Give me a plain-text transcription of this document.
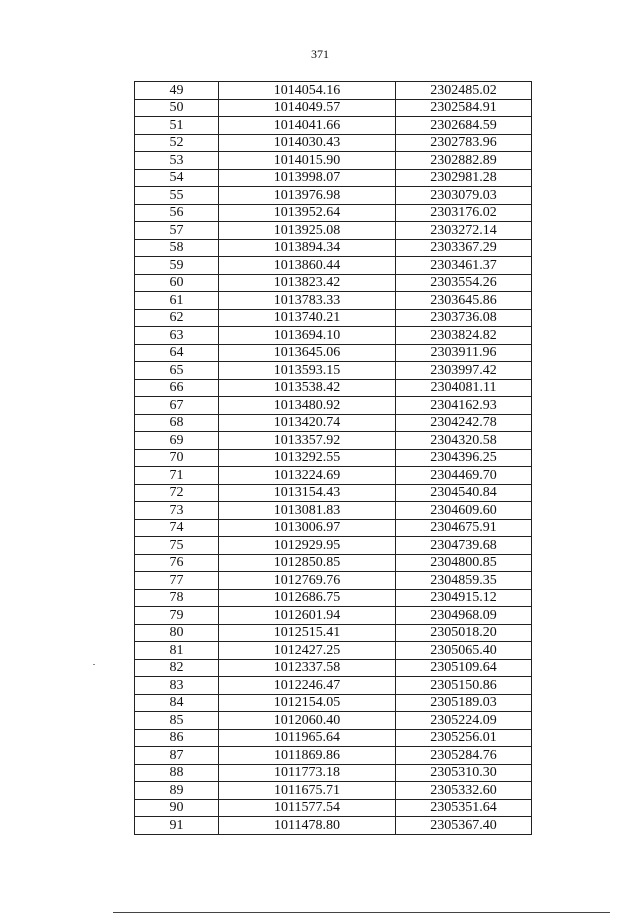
371
49	1014054.16	2302485.02
50	1014049.57	2302584.91
51	1014041.66	2302684.59
52	1014030.43	2302783.96
53	1014015.90	2302882.89
54	1013998.07	2302981.28
55	1013976.98	2303079.03
56	1013952.64	2303176.02
57	1013925.08	2303272.14
58	1013894.34	2303367.29
59	1013860.44	2303461.37
60	1013823.42	2303554.26
61	1013783.33	2303645.86
62	1013740.21	2303736.08
63	1013694.10	2303824.82
64	1013645.06	2303911.96
65	1013593.15	2303997.42
66	1013538.42	2304081.11
67	1013480.92	2304162.93
68	1013420.74	2304242.78
69	1013357.92	2304320.58
70	1013292.55	2304396.25
71	1013224.69	2304469.70
72	1013154.43	2304540.84
73	1013081.83	2304609.60
74	1013006.97	2304675.91
75	1012929.95	2304739.68
76	1012850.85	2304800.85
77	1012769.76	2304859.35
78	1012686.75	2304915.12
79	1012601.94	2304968.09
80	1012515.41	2305018.20
81	1012427.25	2305065.40
82	1012337.58	2305109.64
83	1012246.47	2305150.86
84	1012154.05	2305189.03
85	1012060.40	2305224.09
86	1011965.64	2305256.01
87	1011869.86	2305284.76
88	1011773.18	2305310.30
89	1011675.71	2305332.60
90	1011577.54	2305351.64
91	1011478.80	2305367.40
